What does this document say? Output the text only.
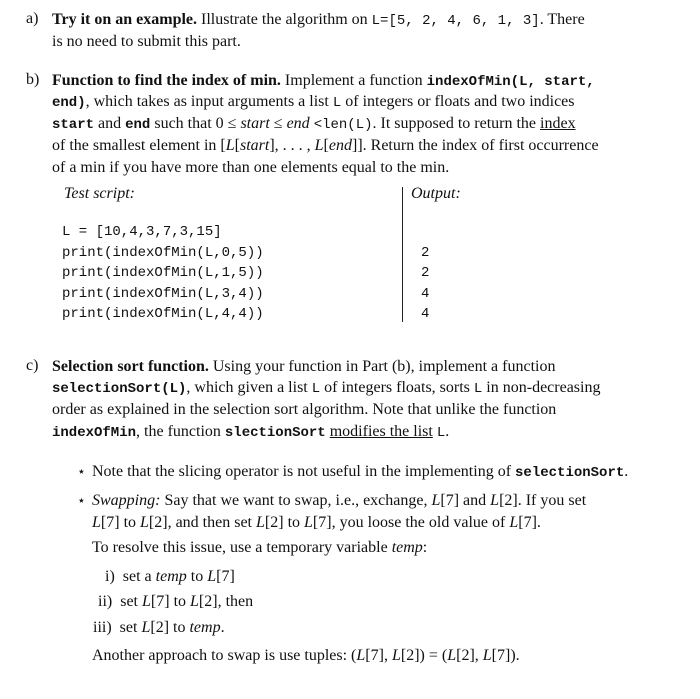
a) Try it on an example. Illustrate the algorithm on L=[5, 2, 4, 6, 1, 3]. There
is no need to submit this part.
b) Function to find the index of min. Implement a function indexOfMin(L, start,
end), which takes as input arguments a list L of integers or floats and two indices
start and end such that 0 ≤ start ≤ end <len(L). It supposed to return the index
of the smallest element in [L[start], . . . , L[end]]. Return the index of first occurrence
of a min if you have more than one elements equal to the min.
Test script:	Output:
L = [10,4,3,7,3,15]
print(indexOfMin(L,0,5))
print(indexOfMin(L,1,5))
print(indexOfMin(L,3,4))
print(indexOfMin(L,4,4))
2
2
4
4
c) Selection sort function. Using your function in Part (b), implement a function
selectionSort(L), which given a list L of integers floats, sorts L in non-decreasing
order as explained in the selection sort algorithm. Note that unlike the function
indexOfMin, the function slectionSort modifies the list L.
⋆ Note that the slicing operator is not useful in the implementing of selectionSort.
⋆ Swapping: Say that we want to swap, i.e., exchange, L[7] and L[2]. If you set
L[7] to L[2], and then set L[2] to L[7], you loose the old value of L[7].
To resolve this issue, use a temporary variable temp:
i) set a temp to L[7]
ii) set L[7] to L[2], then
iii) set L[2] to temp.
Another approach to swap is use tuples: (L[7], L[2]) = (L[2], L[7]).
